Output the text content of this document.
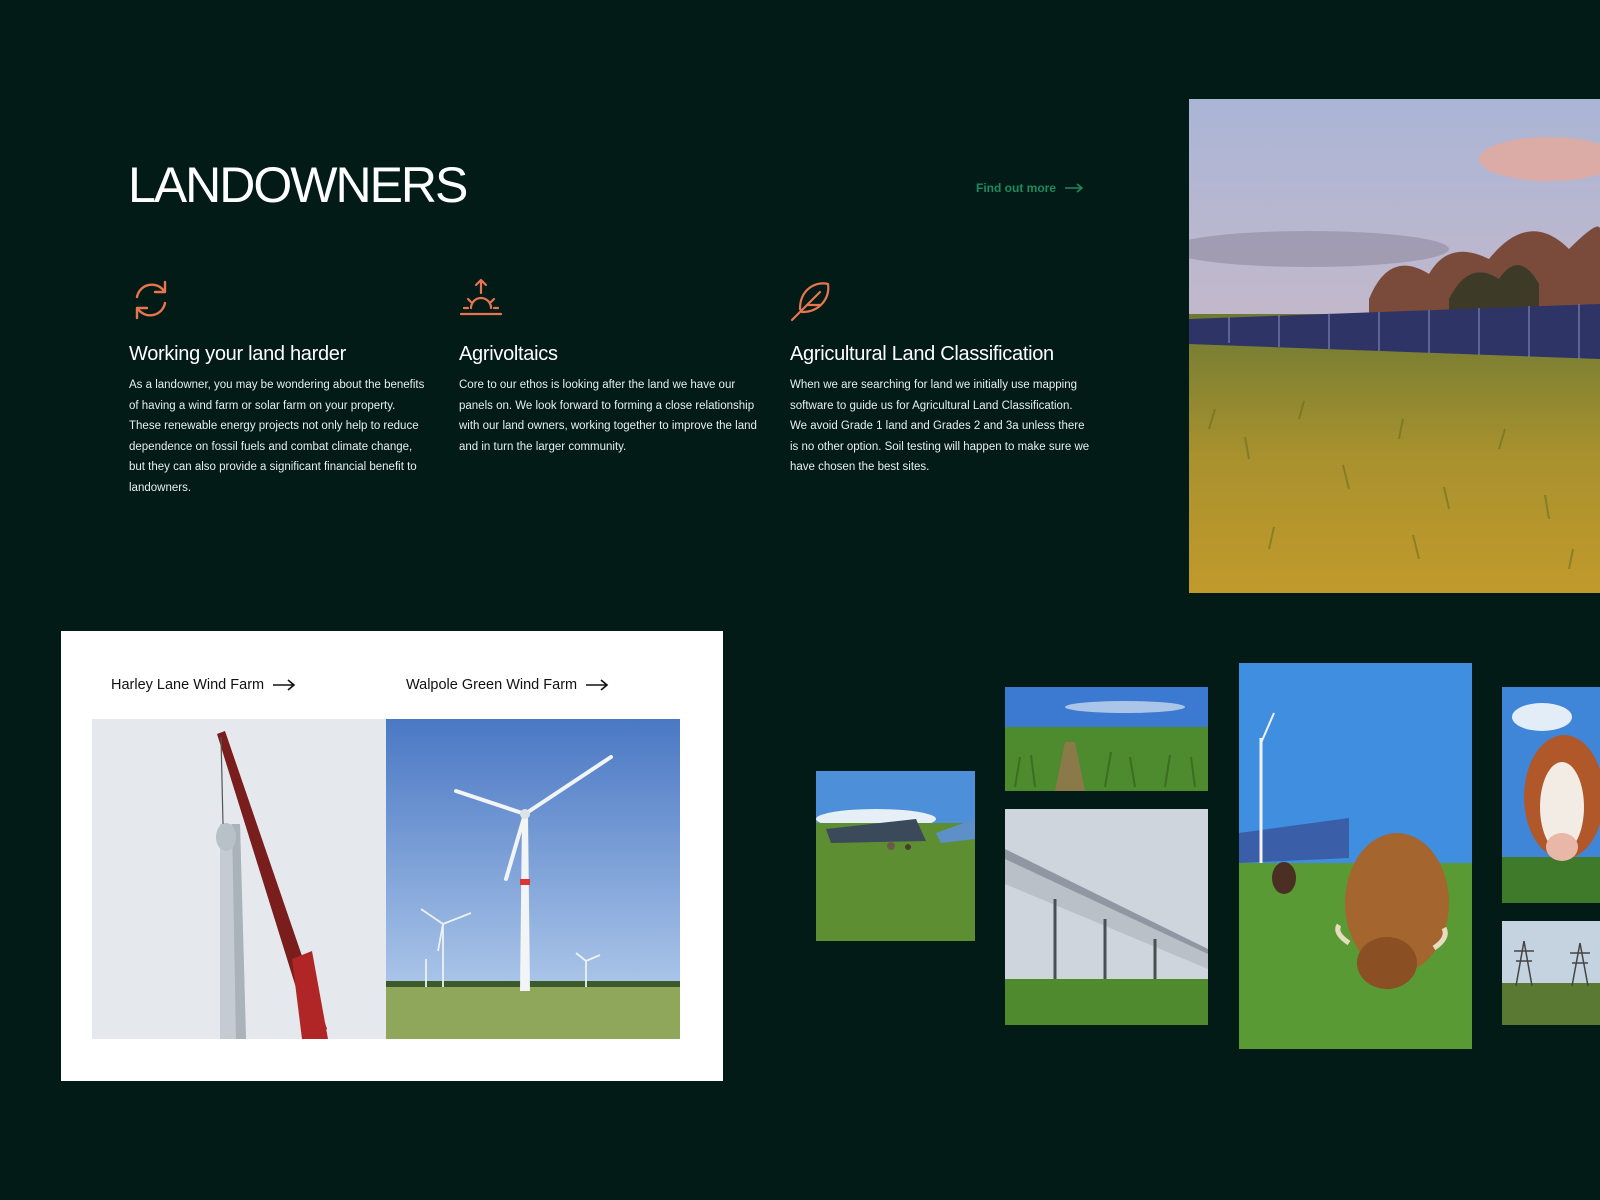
LANDOWNERS	Find out more
Working your land harder

As a landowner, you may be wondering about the benefits of having a wind farm or solar farm on your property. These renewable energy projects not only help to reduce dependence on fossil fuels and combat climate change, but they can also provide a significant financial benefit to landowners.

Agrivoltaics

Core to our ethos is looking after the land we have our panels on. We look forward to forming a close relationship with our land owners, working together to improve the land and in turn the larger community.

Agricultural Land Classification

When we are searching for land we initially use mapping software to guide us for Agricultural Land Classification. We avoid Grade 1 land and Grades 2 and 3a unless there is no other option. Soil testing will happen to make sure we have chosen the best sites.

Harley Lane Wind Farm	Walpole Green Wind Farm
